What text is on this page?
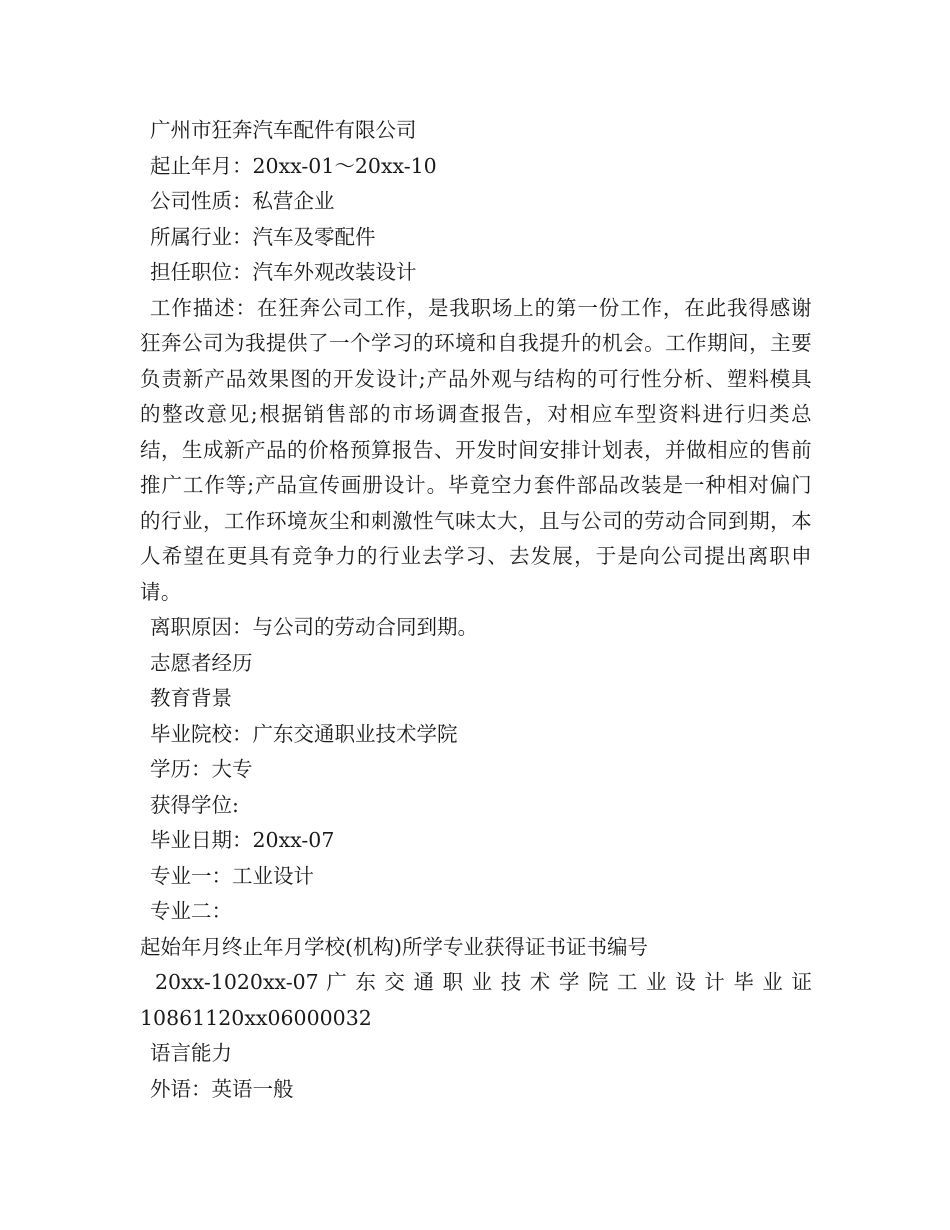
广州市狂奔汽车配件有限公司

起止年月：20xx-01～20xx-10

公司性质：私营企业

所属行业：汽车及零配件

担任职位：汽车外观改装设计

工作描述：在狂奔公司工作，是我职场上的第一份工作，在此我得感谢狂奔公司为我提供了一个学习的环境和自我提升的机会。工作期间，主要负责新产品效果图的开发设计;产品外观与结构的可行性分析、塑料模具的整改意见;根据销售部的市场调查报告，对相应车型资料进行归类总结，生成新产品的价格预算报告、开发时间安排计划表，并做相应的售前推广工作等;产品宣传画册设计。毕竟空力套件部品改装是一种相对偏门的行业，工作环境灰尘和刺激性气味太大，且与公司的劳动合同到期，本人希望在更具有竞争力的行业去学习、去发展，于是向公司提出离职申请。

离职原因：与公司的劳动合同到期。

志愿者经历

教育背景

毕业院校：广东交通职业技术学院

学历：大专

获得学位:

毕业日期：20xx-07

专业一：工业设计

专业二：

起始年月终止年月学校(机构)所学专业获得证书证书编号

20xx-1020xx-07 广 东 交 通 职 业 技 术 学 院 工 业 设 计 毕 业 证

10861120xx06000032

语言能力

外语：英语一般
